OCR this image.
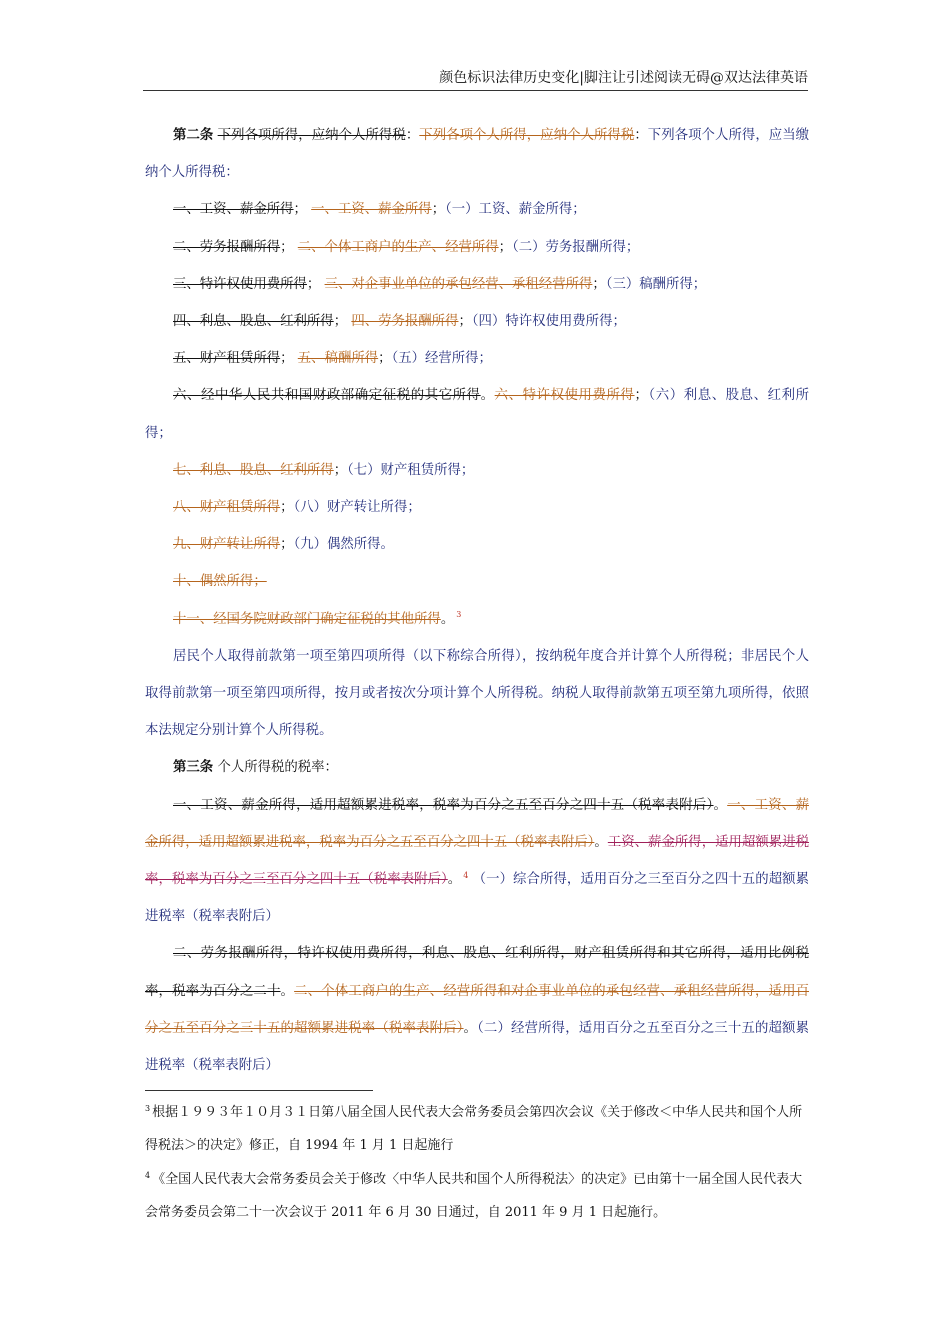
颜色标识法律历史变化|脚注让引述阅读无碍@双达法律英语

第二条 下列各项所得，应纳个人所得税：下列各项个人所得，应纳个人所得税：下列各项个人所得，应当缴纳个人所得税：

一、工资、薪金所得； 一、工资、薪金所得；（一）工资、薪金所得；

二、劳务报酬所得； 二、个体工商户的生产、经营所得；（二）劳务报酬所得；

三、特许权使用费所得； 三、对企事业单位的承包经营、承租经营所得；（三）稿酬所得；

四、利息、股息、红利所得； 四、劳务报酬所得；（四）特许权使用费所得；

五、财产租赁所得； 五、稿酬所得；（五）经营所得；

六、经中华人民共和国财政部确定征税的其它所得。六、特许权使用费所得；（六）利息、股息、红利所得；

七、利息、股息、红利所得；（七）财产租赁所得；

八、财产租赁所得；（八）财产转让所得；

九、财产转让所得；（九）偶然所得。

十、偶然所得；

十一、经国务院财政部门确定征税的其他所得。 $^3$

居民个人取得前款第一项至第四项所得（以下称综合所得），按纳税年度合并计算个人所得税；非居民个人取得前款第一项至第四项所得，按月或者按次分项计算个人所得税。纳税人取得前款第五项至第九项所得，依照本法规定分别计算个人所得税。

第三条 个人所得税的税率：

一、工资、薪金所得，适用超额累进税率，税率为百分之五至百分之四十五（税率表附后）。一、工资、薪金所得，适用超额累进税率，税率为百分之五至百分之四十五（税率表附后）。工资、薪金所得，适用超额累进税率，税率为百分之三至百分之四十五（税率表附后）。 $^4$ （一）综合所得，适用百分之三至百分之四十五的超额累进税率（税率表附后）

二、劳务报酬所得，特许权使用费所得，利息、股息、红利所得，财产租赁所得和其它所得，适用比例税率，税率为百分之二十。二、个体工商户的生产、经营所得和对企事业单位的承包经营、承租经营所得，适用百分之五至百分之三十五的超额累进税率（税率表附后）。（二）经营所得，适用百分之五至百分之三十五的超额累进税率（税率表附后）

$^3$ 根据１９９３年１０月３１日第八届全国人民代表大会常务委员会第四次会议《关于修改＜中华人民共和国个人所得税法＞的决定》修正，自 1994 年 1 月 1 日起施行

$^4$ 《全国人民代表大会常务委员会关于修改〈中华人民共和国个人所得税法〉的决定》已由第十一届全国人民代表大会常务委员会第二十一次会议于 2011 年 6 月 30 日通过，自 2011 年 9 月 1 日起施行。
